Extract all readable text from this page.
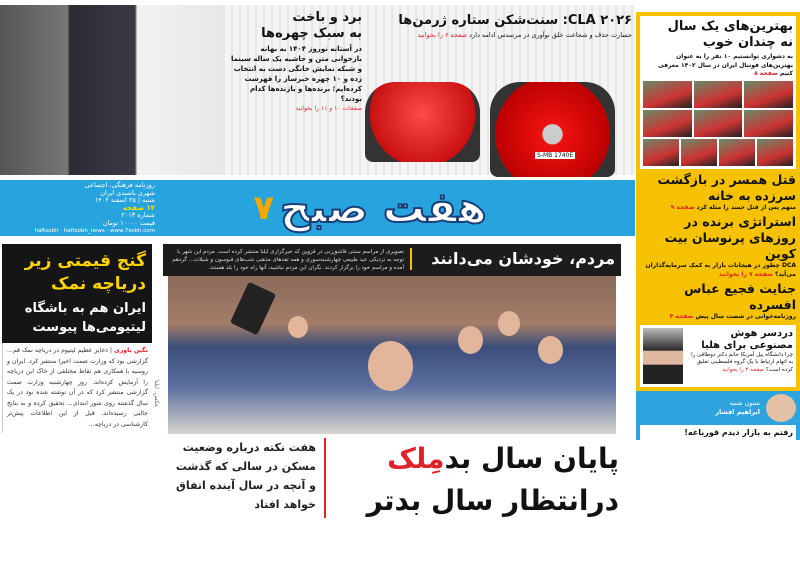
برد و باخت
به سبک چهره‌ها
در آستانه نوروز ۱۴۰۴ به بهانه بازخوانی متن و حاشیه یک ساله سینما و شبکه نمایش خانگی دست به انتخاب زده و ۱۰ چهره خبرساز را فهرست کرده‌ایم؛ برنده‌ها و بازنده‌ها کدام بودند؟
صفحات ۱۰ و ۱۱ را بخوانید
CLA ۲۰۲۶: سنت‌شکن ستاره ژرمن‌ها
جسارت حذف و شجاعت خلق نوآوری در مرسدس ادامه دارد صفحه ۶ را بخوانید
S-MB 1740E
هفت صبح
۷
روزنامه فرهنگی، اجتماعی
شهری باشندی ایران
شنبه | ۲۵ اسفند ۱۴۰۲
۱۲ صفحه
شماره ۲۰۱۳
قیمت ۱۰۰۰۰ تومان
haftsobh · haftsobh_news · www.7sobh.com
گنج قیمتی زیر
دریاچه نمک
ایران هم به باشگاه
لیتیومی‌ها پیوست
نگین باوری | ذخایر عظیم لیتیوم در دریاچه نمک قم... گزارشی بود که وزارت صمت اخیرا منتشر کرد. ایران و روسیه با همکاری هم نقاط مختلفی از خاک این دریاچه را آزمایش کرده‌اند. روز چهارشنبه وزارت صمت گزارشی منتشر کرد که در آن نوشته شده بود در یک سال گذشته روی شور ابتدای... تحقیق کرده و به نتایج جالبی رسیده‌اند. قبل از این اطلاعات پیش‌تر کارشناسی در دریاچه...
مردم، خودشان می‌دانند
تصویری از مراسم سنتی قاشق‌زنی در قزوین که خبرگزاری ایلنا منتشر کرده است. مردم این شهر با توجه به نزدیکی عید طبیعی چهارشنبه‌سوری و همه تقدهای مذهبی شب‌های قبوسون و شیلات... گردهم آمده و مراسم خود را برگزار کردند. نگران این مردم نباشید، آنها راه خود را بلد هستند.
پایان سال بدمِلک
درانتظار سال بدتر
هفت نکته درباره وضعیت مسکن در سالی که گذشت و آنچه در سال آینده اتفاق خواهد افتاد
عکس: ایلنا
بهترین‌های یک سال
نه چندان خوب
به دشواری توانستیم ۱۰ نفر را به عنوان بهترین‌های فوتبال ایران در سال ۱۴۰۲ معرفی کنیم صفحه ۸
قتل همسر در بازگشت سرزده به خانه
متهم پس از قتل جسد را مثله کرد صفحه ۹
استراتژی برنده در روزهای پرنوسان بیت کوین
DCA چطور در هیجانات بازار به کمک سرمایه‌گذاران می‌آید؟ صفحه ۷ را بخوانید
جنایت فجیع عباس افسرده
روزنامه‌خوانی در شصت سال پیش صفحه ۴
دردسر هوش
مصنوعی برای هلیا
چرا دانشگاه ییل آمریکا خانم دکتر دوطاقی را به اتهام ارتباط با یک گروه فلسطینی تعلیق کرده است؟ صفحه ۳ را بخوانید
ستون شنبه
ابراهیم افشار
رفتم به بازار دیدم قورباغه!
